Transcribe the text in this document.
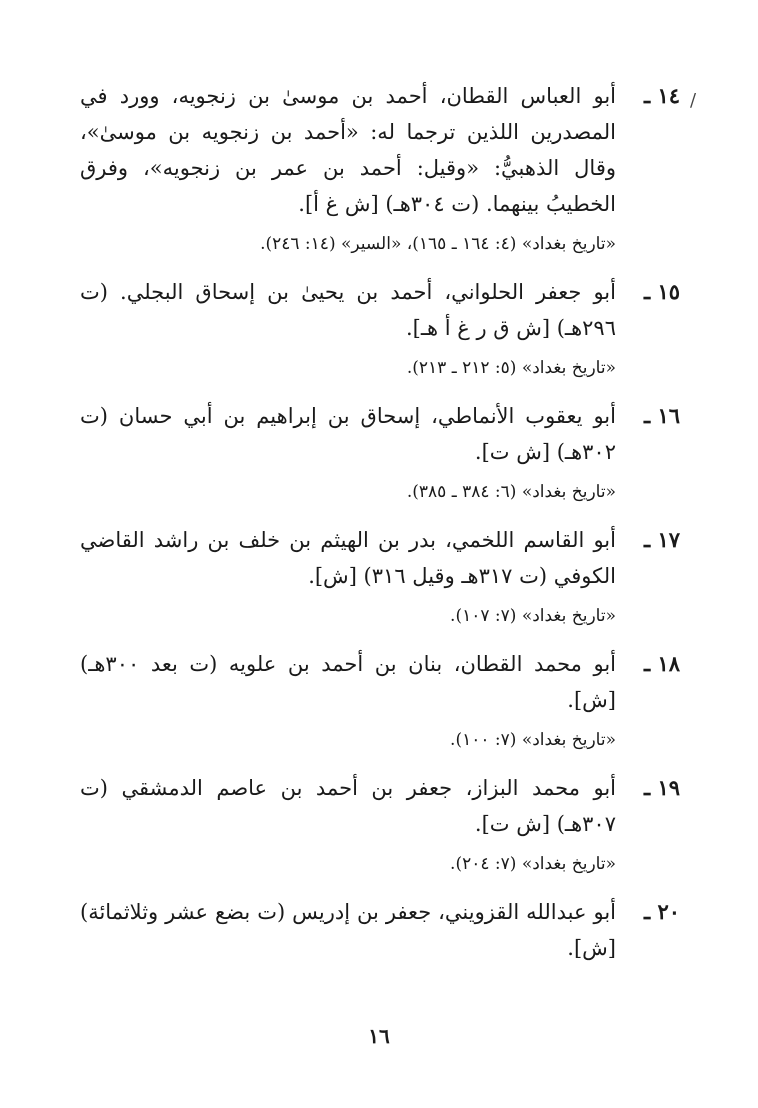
/
١٤ ـ

أبو العباس القطان، أحمد بن موسىٰ بن زنجويه، وورد في المصدرين اللذين ترجما له: «أحمد بن زنجويه بن موسىٰ»، وقال الذهبيُّ: «وقيل: أحمد بن عمر بن زنجويه»، وفرق الخطيبُ بينهما. (ت ٣٠٤هـ) [ش غ أ].

«تاريخ بغداد» (٤: ١٦٤ ـ ١٦٥)، «السير» (١٤: ٢٤٦).

١٥ ـ

أبو جعفر الحلواني، أحمد بن يحيىٰ بن إسحاق البجلي. (ت ٢٩٦هـ) [ش ق ر غ أ هـ].

«تاريخ بغداد» (٥: ٢١٢ ـ ٢١٣).

١٦ ـ

أبو يعقوب الأنماطي، إسحاق بن إبراهيم بن أبي حسان (ت ٣٠٢هـ) [ش ت].

«تاريخ بغداد» (٦: ٣٨٤ ـ ٣٨٥).

١٧ ـ

أبو القاسم اللخمي، بدر بن الهيثم بن خلف بن راشد القاضي الكوفي (ت ٣١٧هـ وقيل ٣١٦) [ش].

«تاريخ بغداد» (٧: ١٠٧).

١٨ ـ

أبو محمد القطان، بنان بن أحمد بن علويه (ت بعد ٣٠٠هـ) [ش].

«تاريخ بغداد» (٧: ١٠٠).

١٩ ـ

أبو محمد البزاز، جعفر بن أحمد بن عاصم الدمشقي (ت ٣٠٧هـ) [ش ت].

«تاريخ بغداد» (٧: ٢٠٤).

٢٠ ـ

أبو عبدالله القزويني، جعفر بن إدريس (ت بضع عشر وثلاثمائة) [ش].

١٦
